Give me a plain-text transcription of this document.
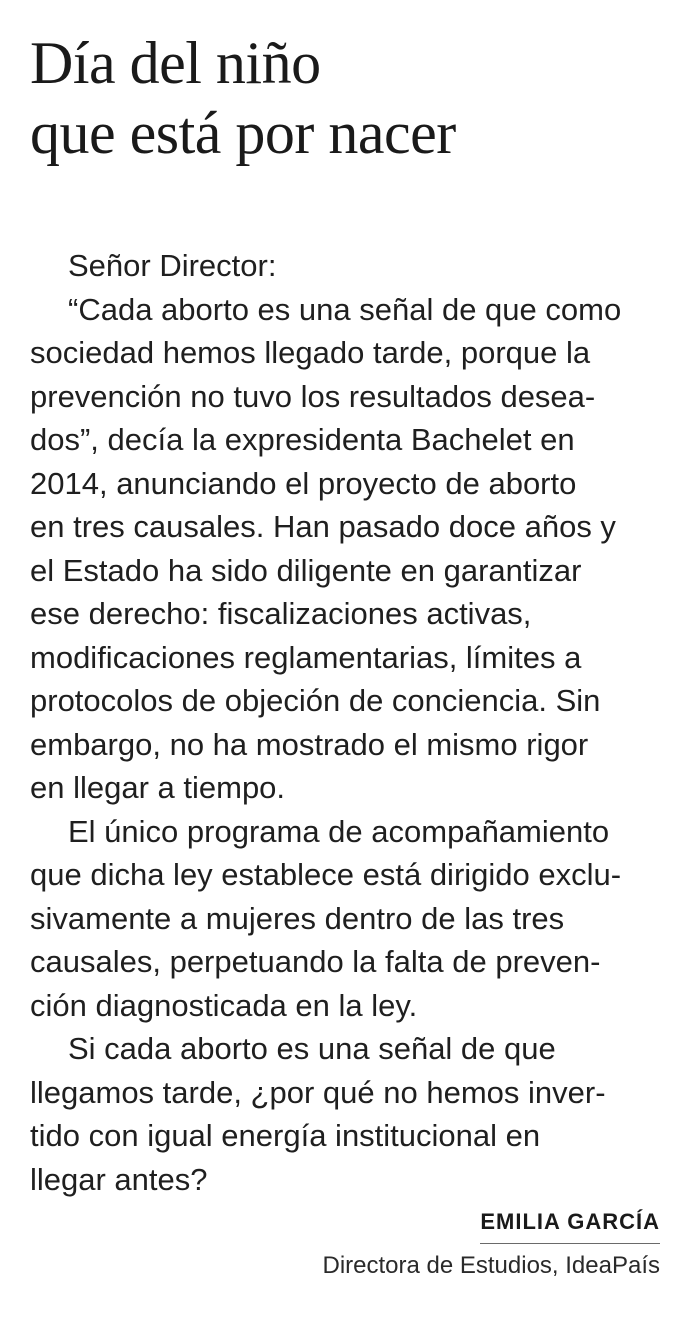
Día del niño
que está por nacer
Señor Director:
“Cada aborto es una señal de que como
sociedad hemos llegado tarde, porque la
prevención no tuvo los resultados desea-
dos”, decía la expresidenta Bachelet en
2014, anunciando el proyecto de aborto
en tres causales. Han pasado doce años y
el Estado ha sido diligente en garantizar
ese derecho: fiscalizaciones activas,
modificaciones reglamentarias, límites a
protocolos de objeción de conciencia. Sin
embargo, no ha mostrado el mismo rigor
en llegar a tiempo.
El único programa de acompañamiento
que dicha ley establece está dirigido exclu-
sivamente a mujeres dentro de las tres
causales, perpetuando la falta de preven-
ción diagnosticada en la ley.
Si cada aborto es una señal de que
llegamos tarde, ¿por qué no hemos inver-
tido con igual energía institucional en
llegar antes?
EMILIA GARCÍA
Directora de Estudios, IdeaPaís
